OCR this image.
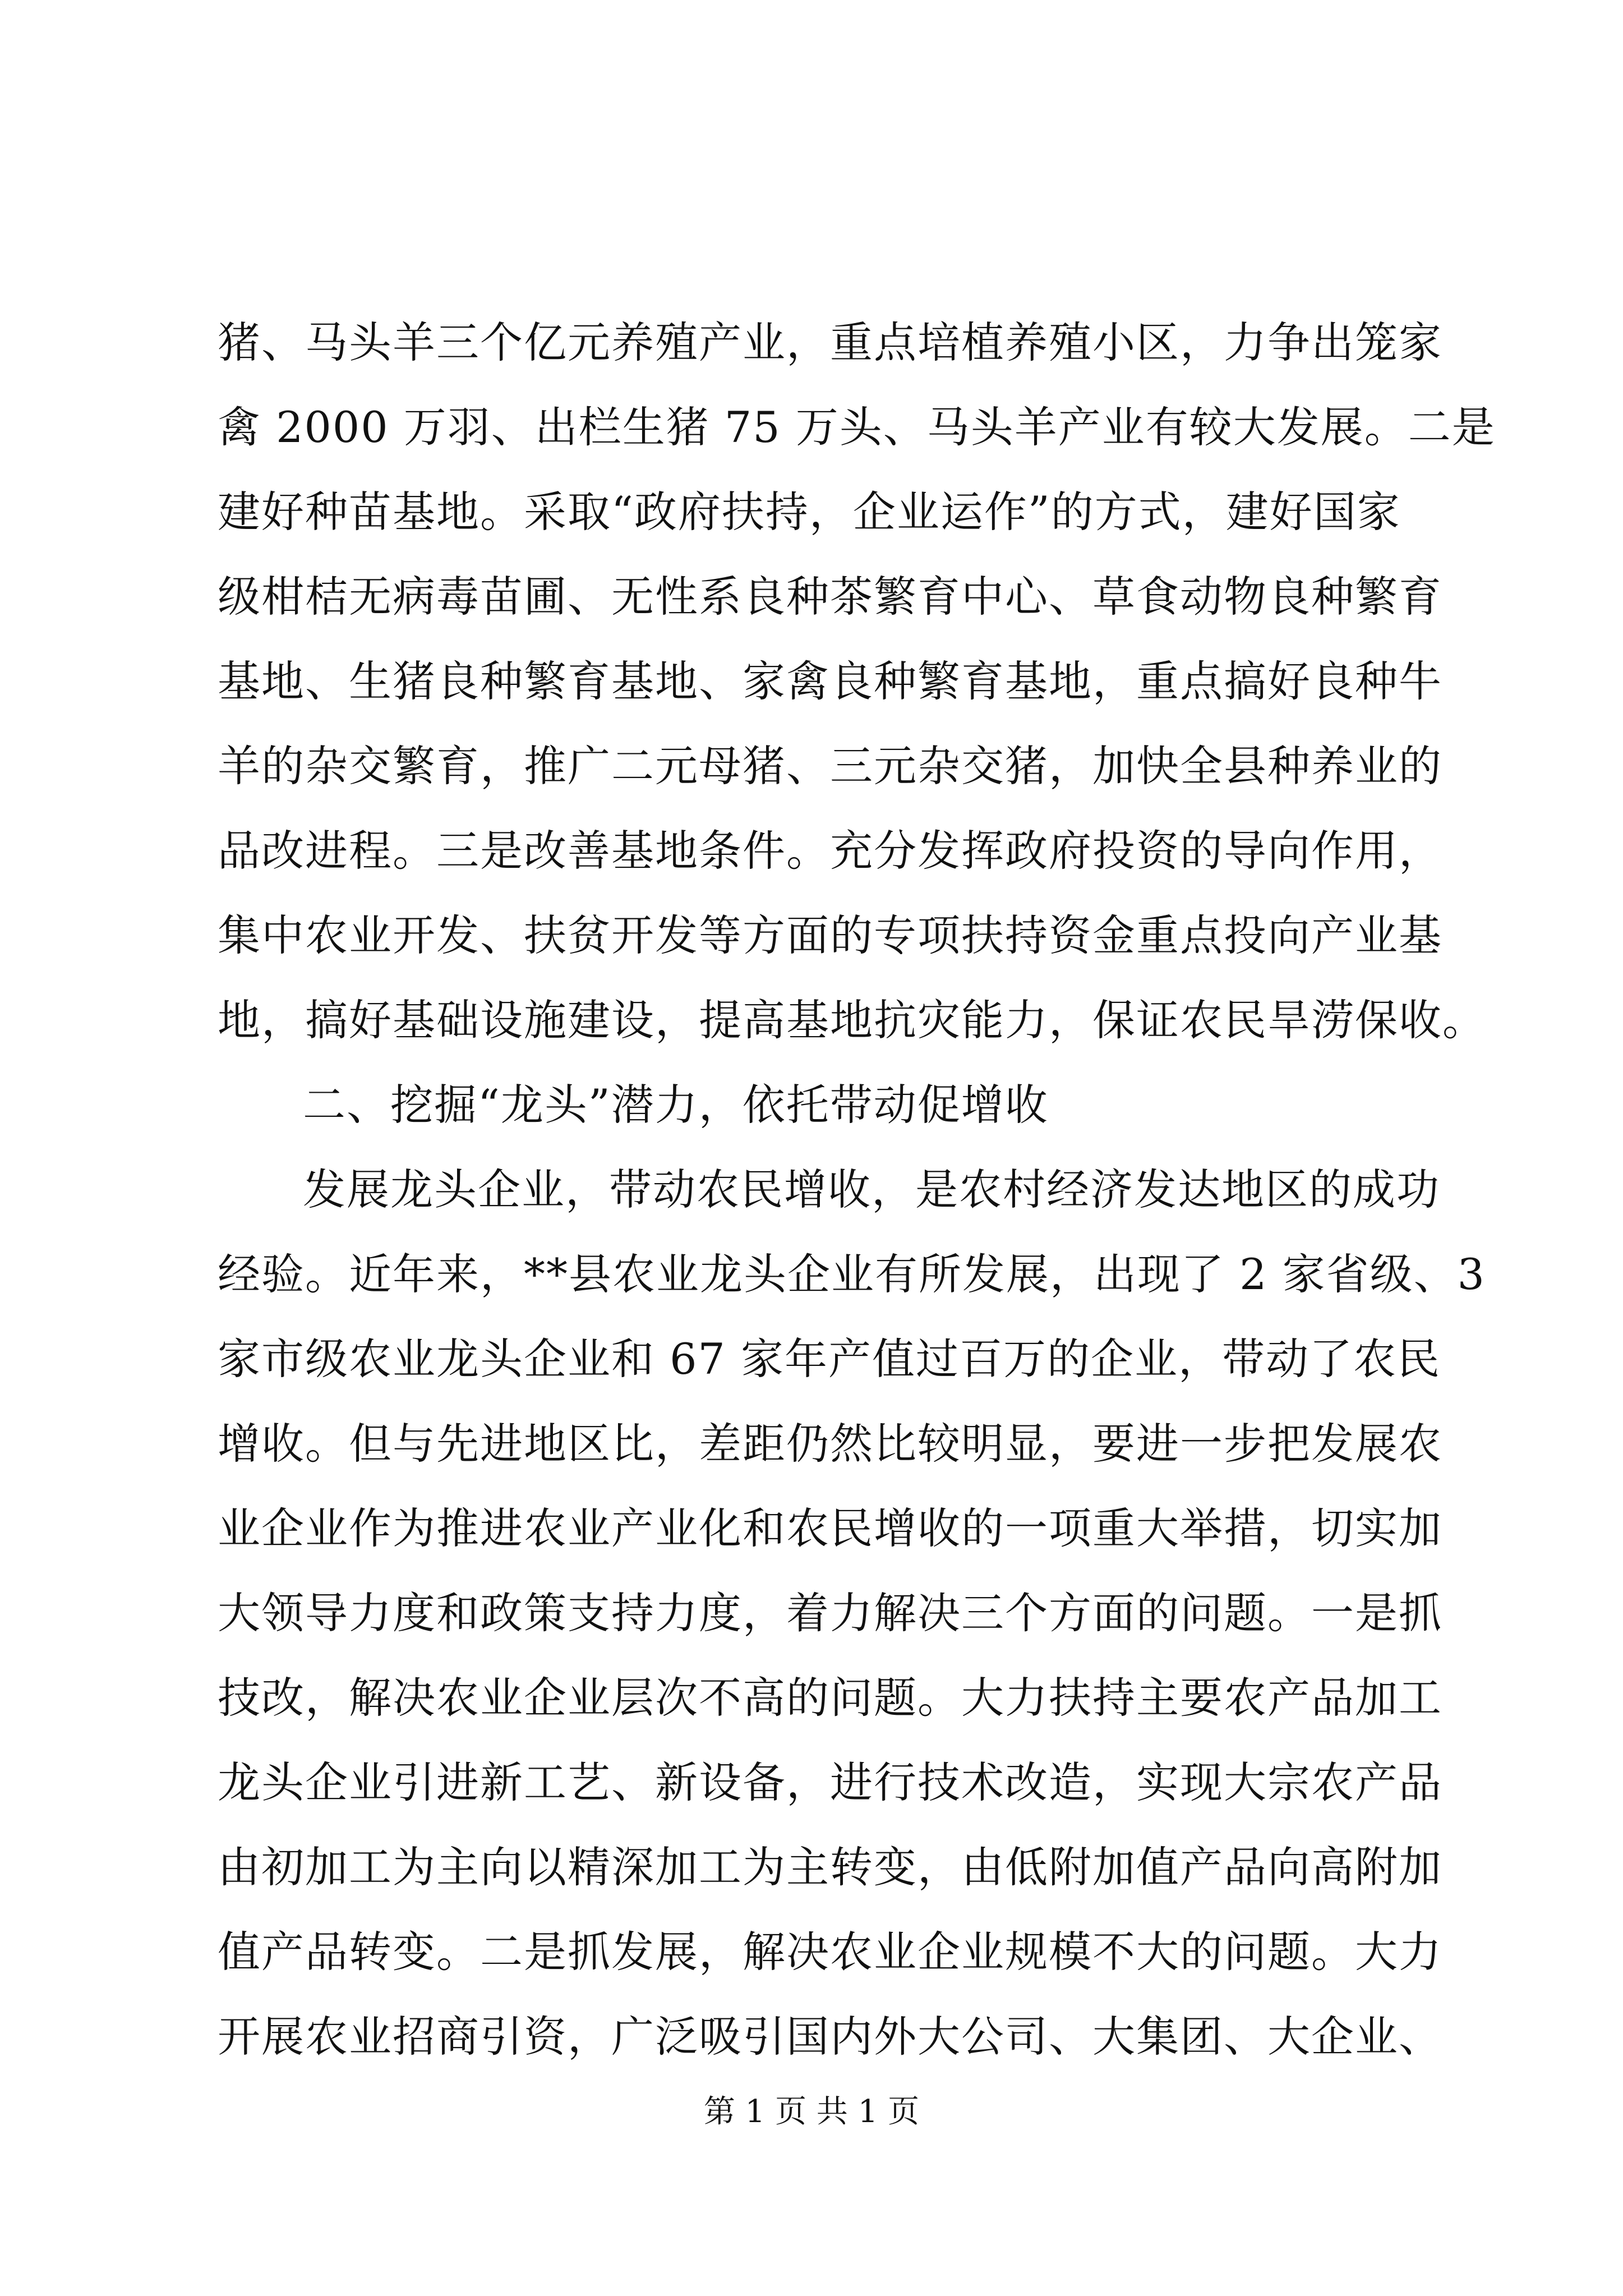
猪、马头羊三个亿元养殖产业，重点培植养殖小区，力争出笼家
禽 2000 万羽、出栏生猪 75 万头、马头羊产业有较大发展。二是
建好种苗基地。采取“政府扶持，企业运作”的方式，建好国家
级柑桔无病毒苗圃、无性系良种茶繁育中心、草食动物良种繁育
基地、生猪良种繁育基地、家禽良种繁育基地，重点搞好良种牛
羊的杂交繁育，推广二元母猪、三元杂交猪，加快全县种养业的
品改进程。三是改善基地条件。充分发挥政府投资的导向作用，
集中农业开发、扶贫开发等方面的专项扶持资金重点投向产业基
地，搞好基础设施建设，提高基地抗灾能力，保证农民旱涝保收。
二、挖掘“龙头”潜力，依托带动促增收
发展龙头企业，带动农民增收，是农村经济发达地区的成功
经验。近年来，**县农业龙头企业有所发展，出现了 2 家省级、3
家市级农业龙头企业和 67 家年产值过百万的企业，带动了农民
增收。但与先进地区比，差距仍然比较明显，要进一步把发展农
业企业作为推进农业产业化和农民增收的一项重大举措，切实加
大领导力度和政策支持力度，着力解决三个方面的问题。一是抓
技改，解决农业企业层次不高的问题。大力扶持主要农产品加工
龙头企业引进新工艺、新设备，进行技术改造，实现大宗农产品
由初加工为主向以精深加工为主转变，由低附加值产品向高附加
值产品转变。二是抓发展，解决农业企业规模不大的问题。大力
开展农业招商引资，广泛吸引国内外大公司、大集团、大企业、
第 1 页 共 1 页
